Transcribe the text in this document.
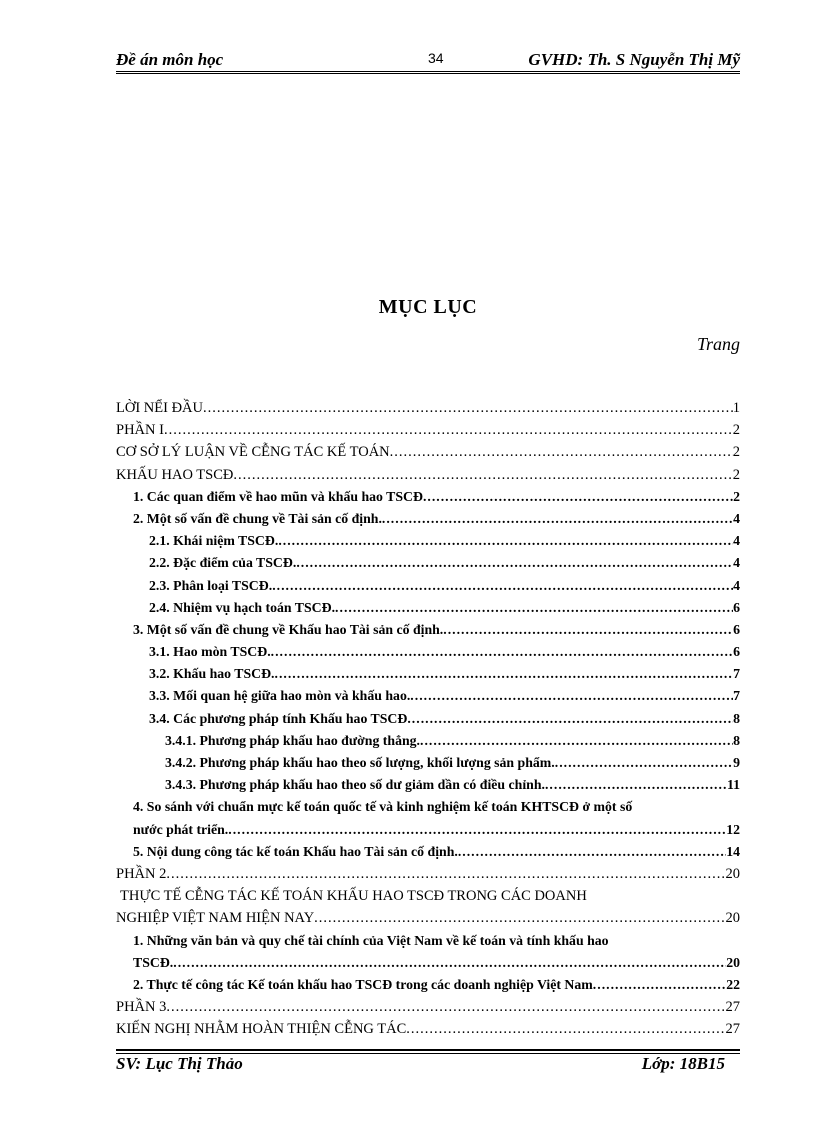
Đề án môn học	34	GVHD: Th. S Nguyễn Thị Mỹ
MỤC LỤC
Trang
LỜI NỂI ĐẦU .....	1
PHẦN I .....	2
CƠ SỞ LÝ LUẬN VỀ CỄNG TÁC KẾ TOÁN .....	2
KHẤU HAO TSCĐ .....	2
1. Các quan điểm về hao mũn và khấu hao TSCĐ .....	2
2. Một số vấn đề chung về Tài sản cố định. .....	4
2.1. Khái niệm TSCĐ. .....	4
2.2. Đặc điểm của TSCĐ. .....	4
2.3. Phân loại TSCĐ. .....	4
2.4. Nhiệm vụ hạch toán TSCĐ. .....	6
3. Một số vấn đề chung về Khấu hao Tài sản cố định. .....	6
3.1. Hao mòn TSCĐ. .....	6
3.2. Khấu hao TSCĐ. .....	7
3.3. Mối quan hệ giữa hao mòn và khấu hao. .....	7
3.4. Các phương pháp tính Khấu hao TSCĐ .....	8
3.4.1. Phương pháp khấu hao đường thẳng. .....	8
3.4.2. Phương pháp khấu hao theo số lượng, khối lượng sản phẩm. .....	9
3.4.3. Phương pháp khấu hao theo số dư giảm dần có điều chỉnh. .....	11
4. So sánh với chuẩn mực kế toán quốc tế và kinh nghiệm kế toán KHTSCĐ ở một số
nước phát triển. .....	12
5. Nội dung công tác kế toán Khấu hao Tài sản cố định. .....	14
PHẦN 2 .....	20
THỰC TẾ CỄNG TÁC KẾ TOÁN KHẤU HAO TSCĐ TRONG CÁC DOANH
NGHIỆP VIỆT NAM HIỆN NAY .....	20
1. Những văn bản và quy chế tài chính của Việt Nam về kế toán và tính khấu hao
TSCĐ. .....	20
2. Thực tế công tác Kế toán khấu hao TSCĐ trong các doanh nghiệp Việt Nam .....	22
PHẦN 3 .....	27
KIẾN NGHỊ NHẰM HOÀN THIỆN CỄNG TÁC .....	27
SV: Lục Thị Thảo	Lớp: 18B15
